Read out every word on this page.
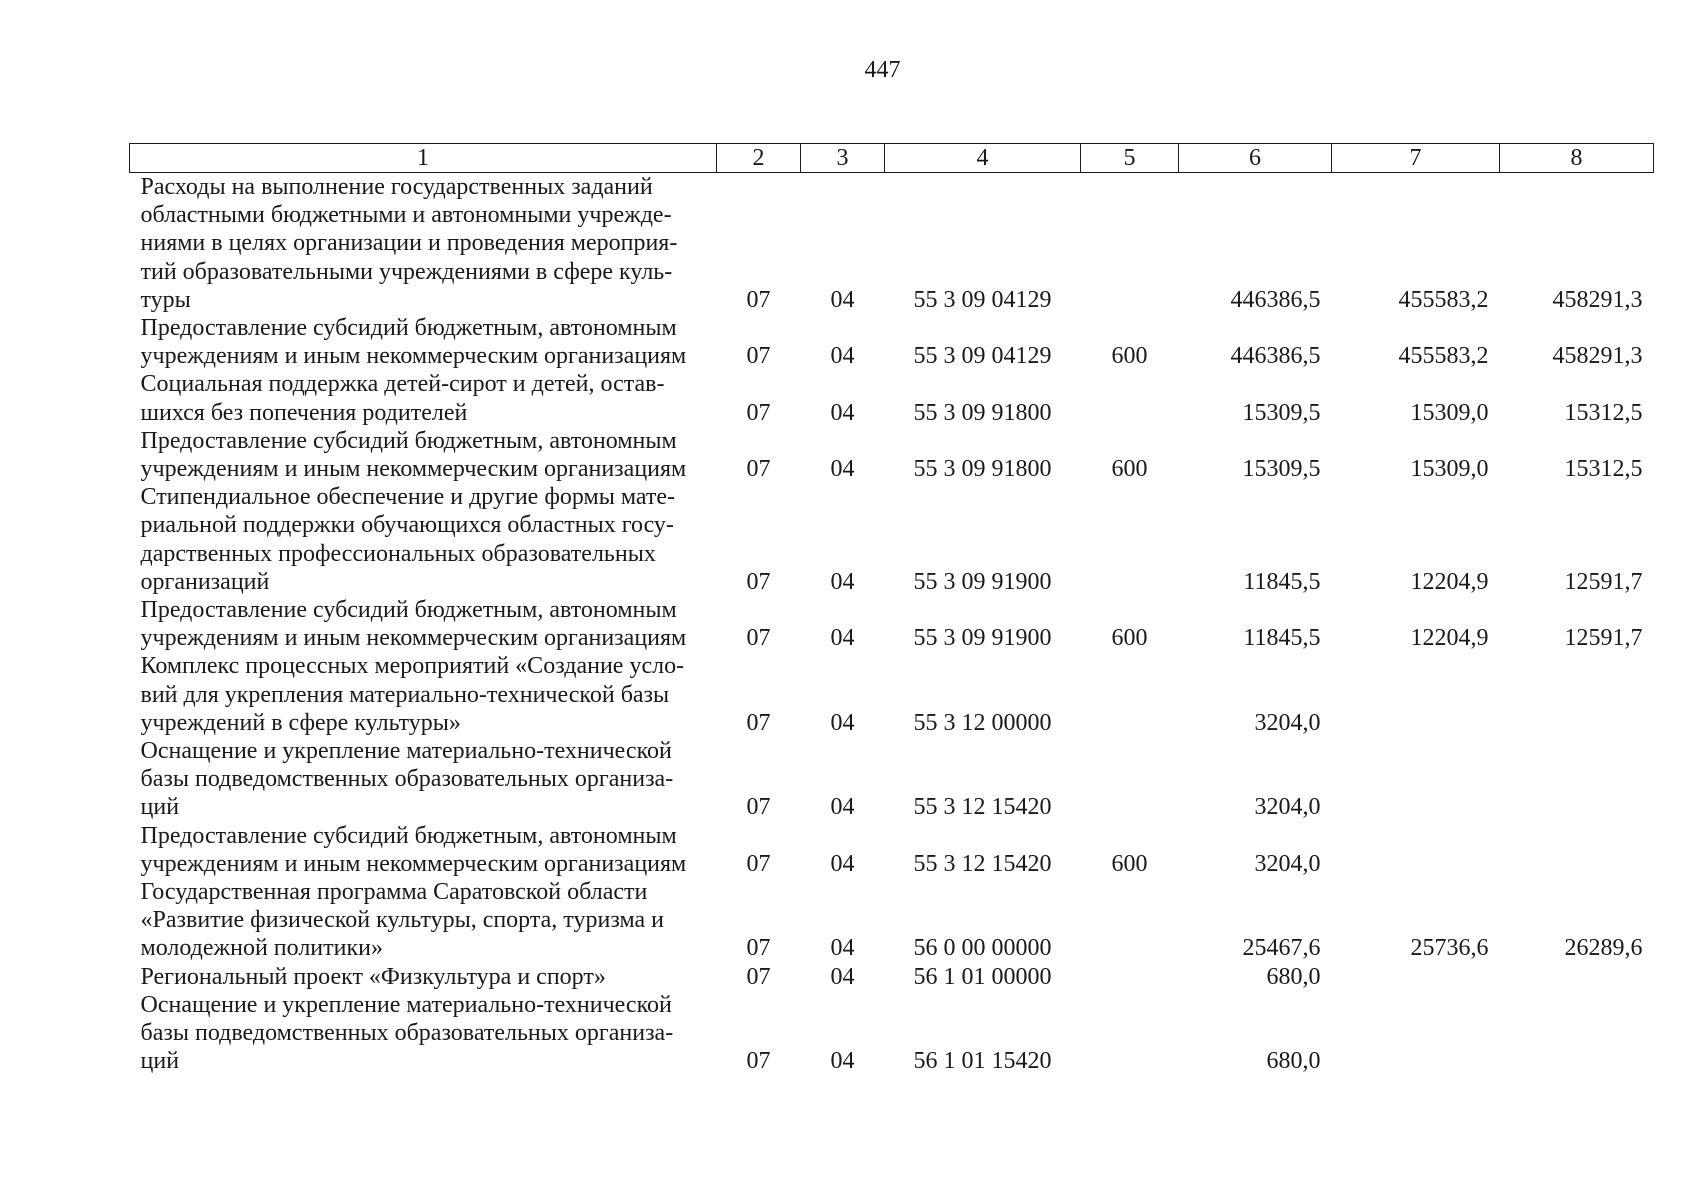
447
1	2	3	4	5	6	7	8
Расходы на выполнение государственных заданий
областными бюджетными и автономными учрежде-
ниями в целях организации и проведения мероприя-
тий образовательными учреждениями в сфере куль-
туры	07	04	55 3 09 04129		446386,5	455583,2	458291,3
Предоставление субсидий бюджетным, автономным
учреждениям и иным некоммерческим организациям	07	04	55 3 09 04129	600	446386,5	455583,2	458291,3
Социальная поддержка детей-сирот и детей, остав-
шихся без попечения родителей	07	04	55 3 09 91800		15309,5	15309,0	15312,5
Предоставление субсидий бюджетным, автономным
учреждениям и иным некоммерческим организациям	07	04	55 3 09 91800	600	15309,5	15309,0	15312,5
Стипендиальное обеспечение и другие формы мате-
риальной поддержки обучающихся областных госу-
дарственных профессиональных образовательных
организаций	07	04	55 3 09 91900		11845,5	12204,9	12591,7
Предоставление субсидий бюджетным, автономным
учреждениям и иным некоммерческим организациям	07	04	55 3 09 91900	600	11845,5	12204,9	12591,7
Комплекс процессных мероприятий «Создание усло-
вий для укрепления материально-технической базы
учреждений в сфере культуры»	07	04	55 3 12 00000		3204,0		
Оснащение и укрепление материально-технической
базы подведомственных образовательных организа-
ций	07	04	55 3 12 15420		3204,0		
Предоставление субсидий бюджетным, автономным
учреждениям и иным некоммерческим организациям	07	04	55 3 12 15420	600	3204,0		
Государственная программа Саратовской области
«Развитие физической культуры, спорта, туризма и
молодежной политики»	07	04	56 0 00 00000		25467,6	25736,6	26289,6
Региональный проект «Физкультура и спорт»	07	04	56 1 01 00000		680,0		
Оснащение и укрепление материально-технической
базы подведомственных образовательных организа-
ций	07	04	56 1 01 15420		680,0		
